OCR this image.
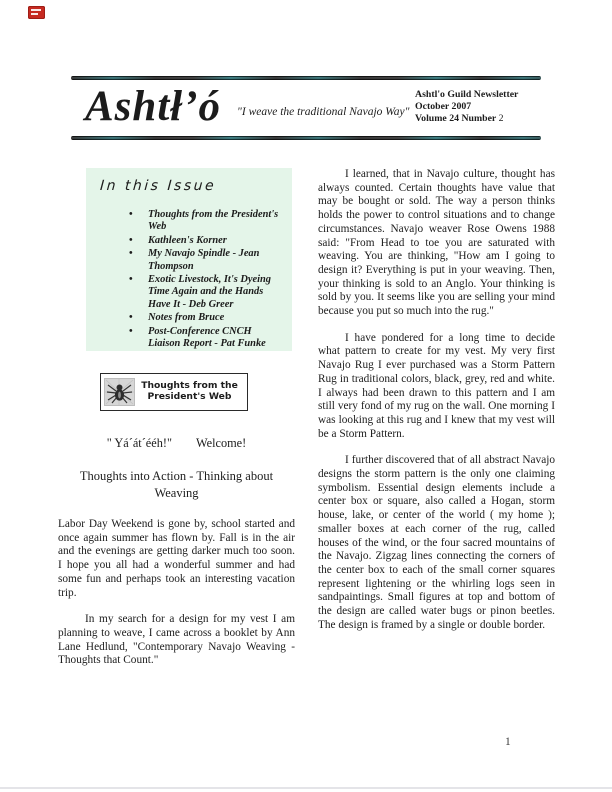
Ashtł’ó "I weave the traditional Navajo Way"
Ashtl'o Guild Newsletter
October 2007
Volume 24 Number 2
In this Issue
• Thoughts from the President's Web
• Kathleen's Korner
• My Navajo Spindle - Jean Thompson
• Exotic Livestock, It's Dyeing Time Again and the Hands Have It - Deb Greer
• Notes from Bruce
• Post-Conference CNCH Liaison Report - Pat Funke
Thoughts from the
President's Web
" Yá´át´ééh!" Welcome!
Thoughts into Action - Thinking about Weaving

Labor Day Weekend is gone by, school started and once again summer has flown by. Fall is in the air and the evenings are getting darker much too soon. I hope you all had a wonderful summer and had some fun and perhaps took an interesting vacation trip.

In my search for a design for my vest I am planning to weave, I came across a booklet by Ann Lane Hedlund, "Contemporary Navajo Weaving - Thoughts that Count."

I learned, that in Navajo culture, thought has always counted. Certain thoughts have value that may be bought or sold. The way a person thinks holds the power to control situations and to change circumstances. Navajo weaver Rose Owens 1988 said: "From Head to toe you are saturated with weaving. You are thinking, "How am I going to design it? Everything is put in your weaving. Then, your thinking is sold to an Anglo. Your thinking is sold by you. It seems like you are selling your mind because you put so much into the rug."

I have pondered for a long time to decide what pattern to create for my vest. My very first Navajo Rug I ever purchased was a Storm Pattern Rug in traditional colors, black, grey, red and white. I always had been drawn to this pattern and I am still very fond of my rug on the wall. One morning I was looking at this rug and I knew that my vest will be a Storm Pattern.

I further discovered that of all abstract Navajo designs the storm pattern is the only one claiming symbolism. Essential design elements include a center box or square, also called a Hogan, storm house, lake, or center of the world ( my home ); smaller boxes at each corner of the rug, called houses of the wind, or the four sacred mountains of the Navajo. Zigzag lines connecting the corners of the center box to each of the small corner squares represent lightening or the whirling logs seen in sandpaintings. Small figures at top and bottom of the design are called water bugs or pinon beetles. The design is framed by a single or double border.

1
